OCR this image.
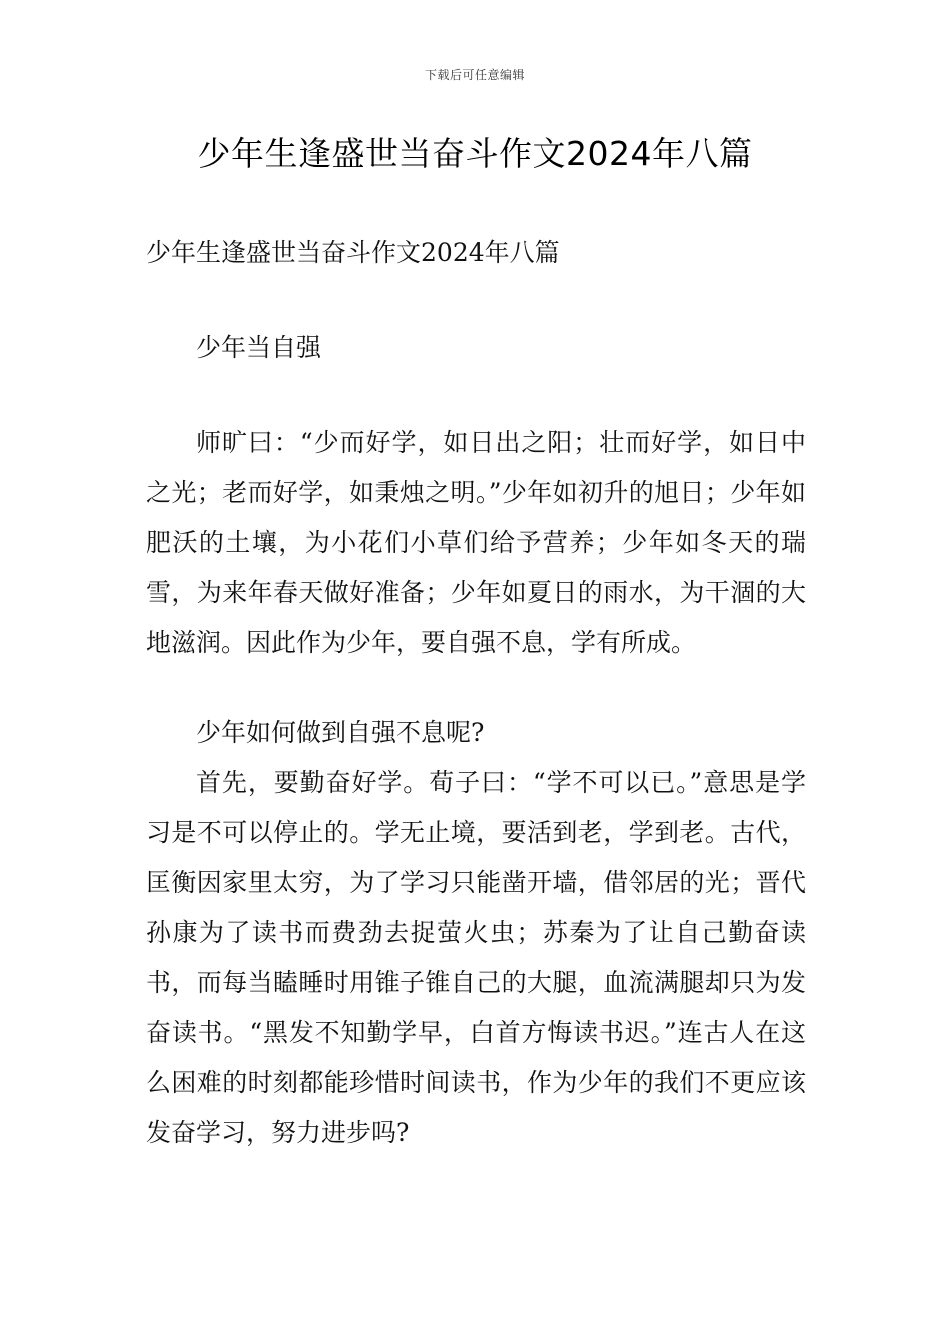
下载后可任意编辑
少年生逢盛世当奋斗作文2024年八篇

少年生逢盛世当奋斗作文2024年八篇

少年当自强

师旷曰：“少而好学，如日出之阳；壮而好学，如日中之光；老而好学，如秉烛之明。”少年如初升的旭日；少年如肥沃的土壤，为小花们小草们给予营养；少年如冬天的瑞雪，为来年春天做好准备；少年如夏日的雨水，为干涸的大地滋润。因此作为少年，要自强不息，学有所成。

少年如何做到自强不息呢?

首先，要勤奋好学。荀子曰：“学不可以已。”意思是学习是不可以停止的。学无止境，要活到老，学到老。古代，匡衡因家里太穷，为了学习只能凿开墙，借邻居的光；晋代孙康为了读书而费劲去捉萤火虫；苏秦为了让自己勤奋读书，而每当瞌睡时用锥子锥自己的大腿，血流满腿却只为发奋读书。“黑发不知勤学早，白首方悔读书迟。”连古人在这么困难的时刻都能珍惜时间读书，作为少年的我们不更应该发奋学习，努力进步吗?
